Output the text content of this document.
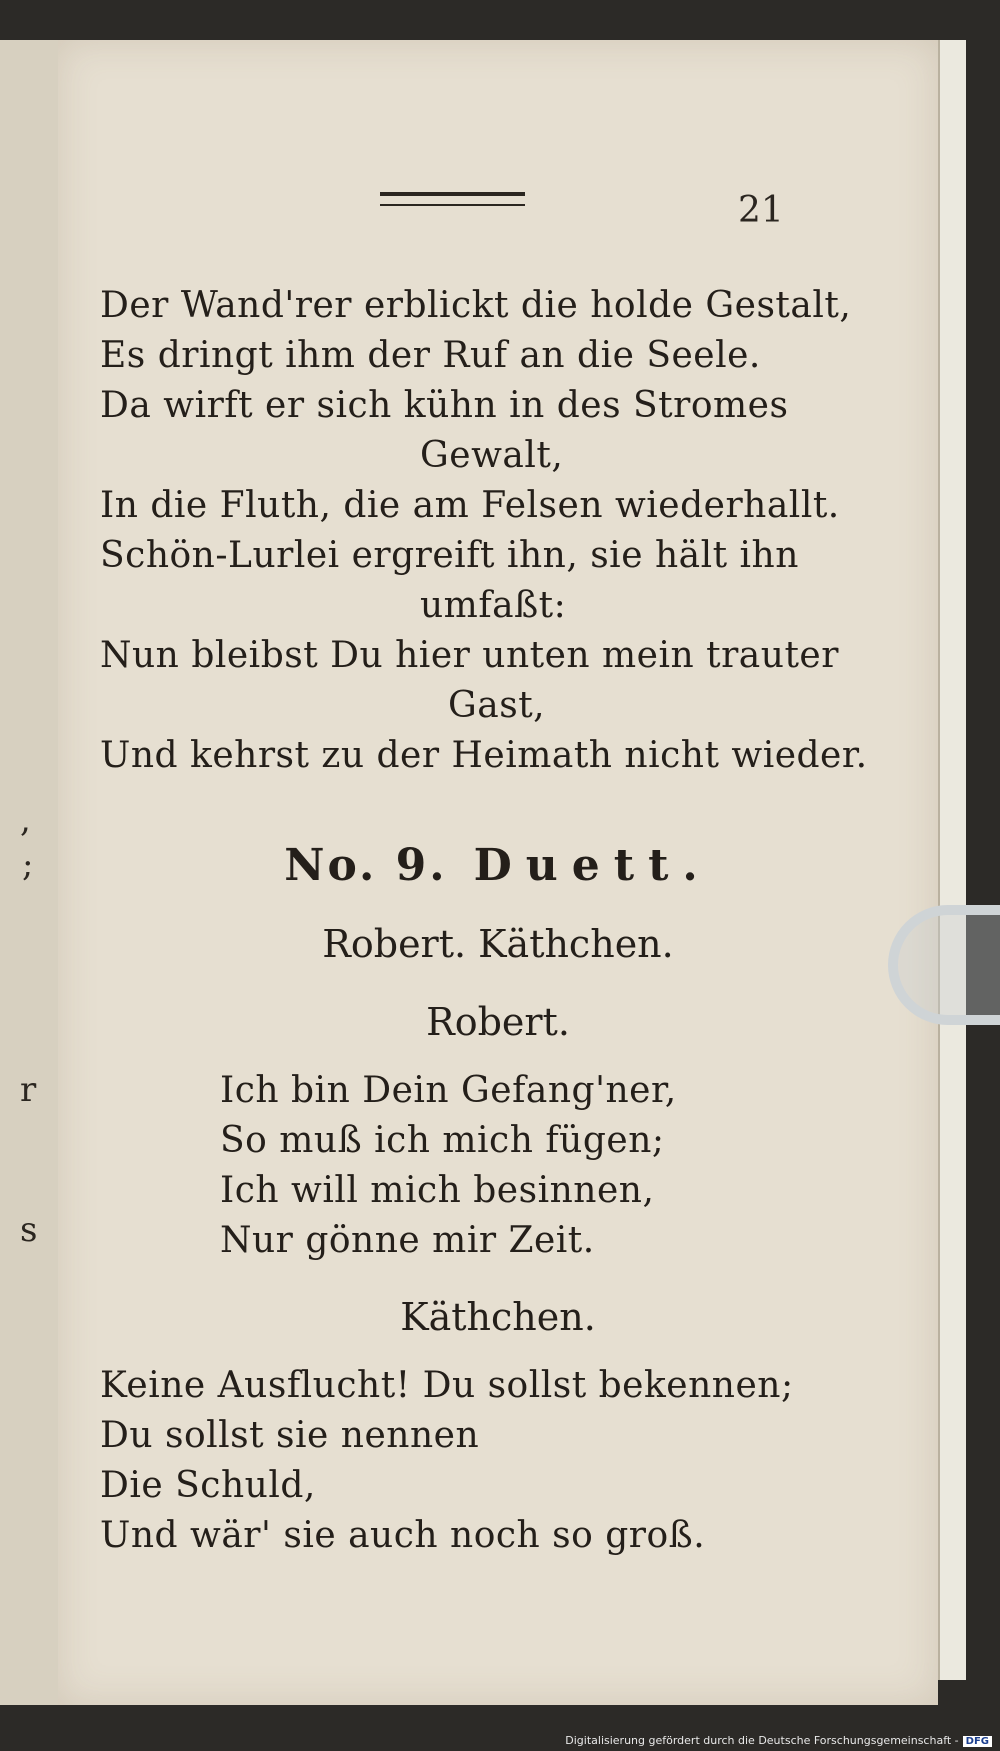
,
;
r
s
21
Der Wand'rer erblickt die holde Gestalt,
Es dringt ihm der Ruf an die Seele.
Da wirft er sich kühn in des Stromes
Gewalt,
In die Fluth, die am Felsen wiederhallt.
Schön-Lurlei ergreift ihn, sie hält ihn
umfaßt:
Nun bleibst Du hier unten mein trauter
Gast,
Und kehrst zu der Heimath nicht wieder.
No. 9. Duett.
Robert. Käthchen.
Robert.
Ich bin Dein Gefang'ner,
So muß ich mich fügen;
Ich will mich besinnen,
Nur gönne mir Zeit.
Käthchen.
Keine Ausflucht! Du sollst bekennen;
Du sollst sie nennen
Die Schuld,
Und wär' sie auch noch so groß.
Digitalisierung gefördert durch die Deutsche Forschungsgemeinschaft - DFG
